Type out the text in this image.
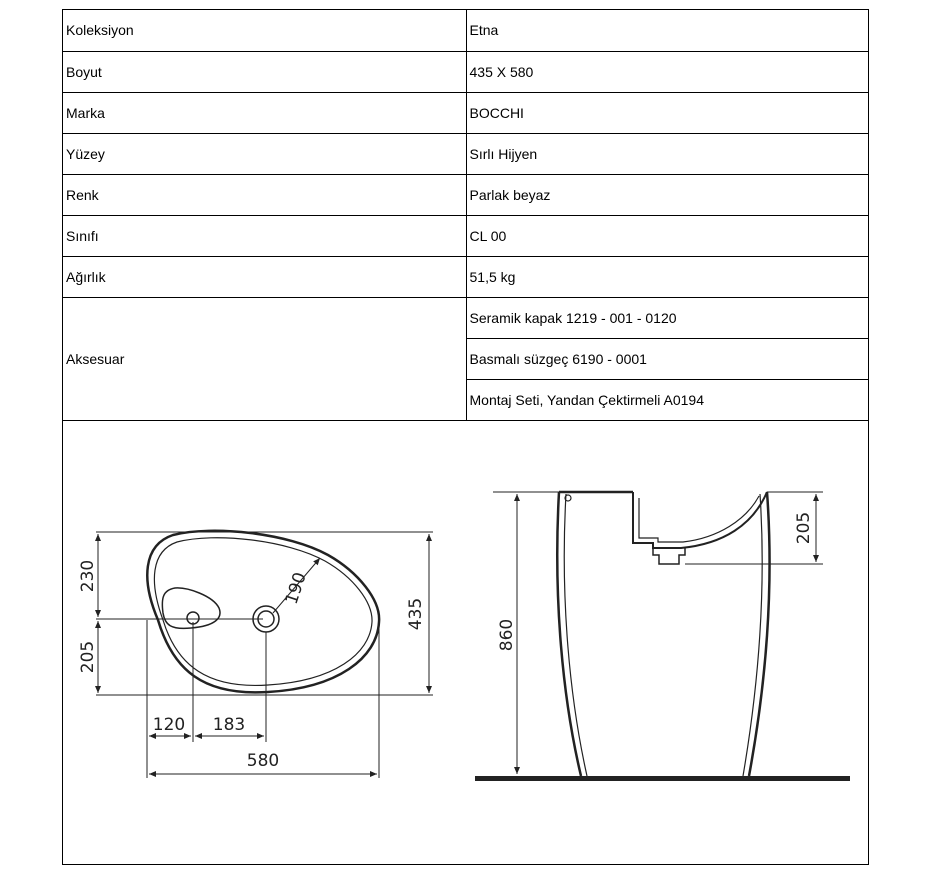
Koleksiyon	Etna
Boyut	435 X 580
Marka	BOCCHI
Yüzey	Sırlı Hijyen
Renk	Parlak beyaz
Sınıfı	CL 00
Ağırlık	51,5 kg
Aksesuar	Seramik kapak 1219 - 001 - 0120
	Basmalı süzgeç 6190 - 0001
	Montaj Seti, Yandan Çektirmeli A0194
230
205
435
190
120 183
580
860
205
